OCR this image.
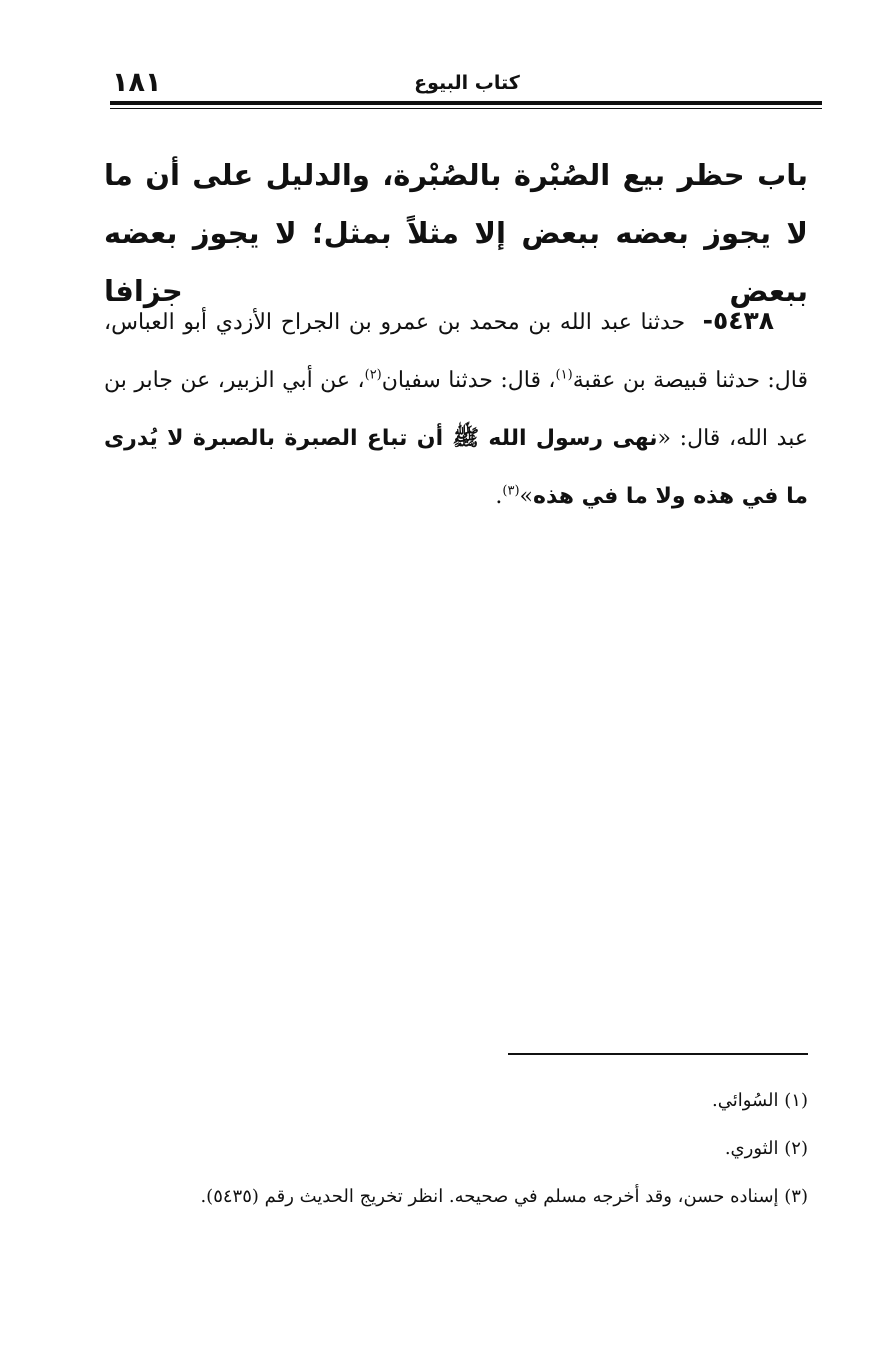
١٨١	كتاب البيوع
باب حظر بيع الصُبْرة بالصُبْرة، والدليل على أن ما لا يجوز بعضه ببعض إلا مثلاً بمثل؛ لا يجوز بعضه ببعض جزافا

٥٤٣٨-  حدثنا عبد الله بن محمد بن عمرو بن الجراح الأزدي أبو العباس، قال: حدثنا قبيصة بن عقبة$^{(١)}$، قال: حدثنا سفيان$^{(٢)}$، عن أبي الزبير، عن جابر بن عبد الله، قال: «نهى رسول الله ﷺ أن تباع الصبرة بالصبرة لا يُدرى ما في هذه ولا ما في هذه»$^{(٣)}$.

(١) السُوائي.
(٢) الثوري.
(٣) إسناده حسن، وقد أخرجه مسلم في صحيحه. انظر تخريج الحديث رقم (٥٤٣٥).
